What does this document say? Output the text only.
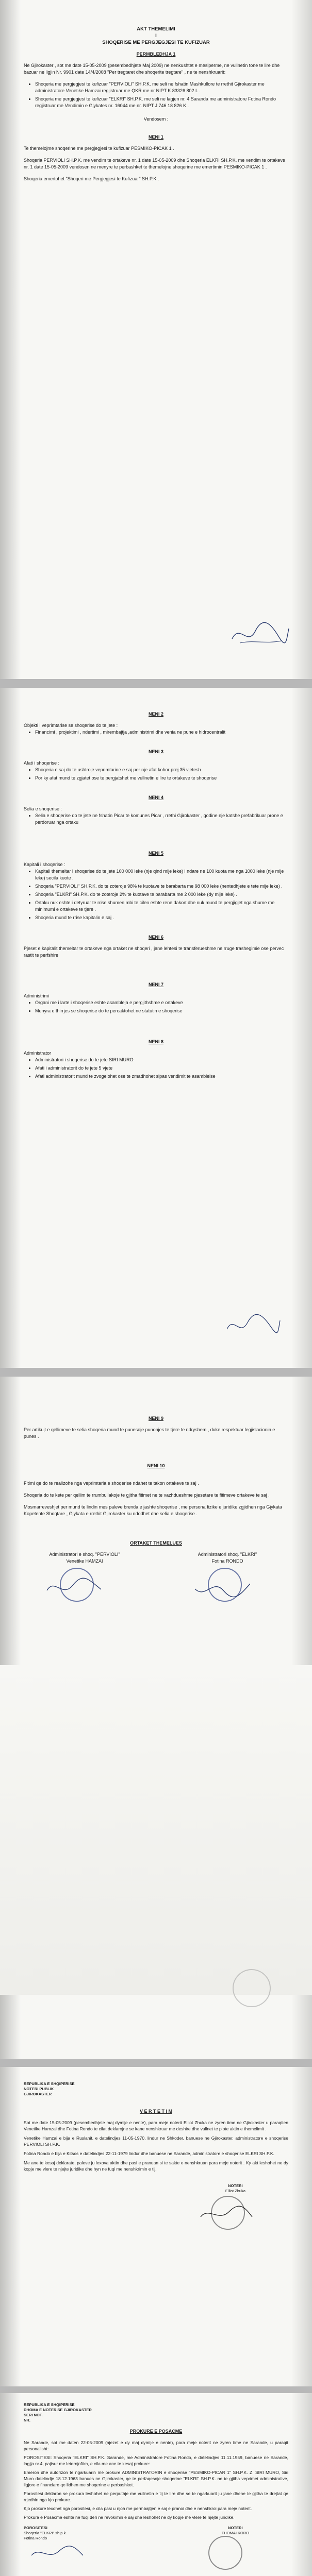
AKT THEMELIMI

I

SHOQERISE ME PERGJEGJESI TE KUFIZUAR

PERMBLEDHJA 1

Ne Gjirokaster , sot me date 15-05-2009 (pesembedhjete Maj 2009) ne nenkushtet e mesiperme, ne vullnetin tone te lire dhe bazuar ne ligjin Nr. 9901 date 14/4/2008 "Per tregtaret dhe shoqerite tregtare" , ne te nenshkruarit:

• Shoqeria me pergjegjesi te kufizuar "PERVIOLI" SH.P.K. me seli ne fshatin Mashkullore te rrethit Gjirokaster me administratore Venetike Hamzai regjistruar me QKR me nr NIPT K 83326 802 L .
• Shoqeria me pergjegjesi te kufizuar "ELKRI" SH.P.K. me seli ne lagjen nr. 4 Saranda me administratore Fotina Rondo regjistruar me Vendimin e Gjykates nr. 16044 me nr. NIPT J 746 18 826 K .

Vendosem :

NENI 1

Te themelojme shoqerine me pergjegjesi te kufizuar PESMIKO-PICAK 1 .

Shoqeria PERVIOLI SH.P.K. me vendim te ortakeve nr. 1 date 15-05-2009 dhe Shoqeria ELKRI SH.P.K. me vendim te ortakeve nr. 1 date 15-05-2009 vendosen ne menyre te perbashket te themelojne shoqerine me emertimin PESMIKO-PICAK 1 .

Shoqeria emertohet "Shoqeri me Pergjegjesi te Kufizuar" SH.P.K .

NENI 2

Objekti i veprimtarise se shoqerise do te jete :

• Financimi , projektimi , ndertimi , mirembajtja ,administrimi dhe venia ne pune e hidrocentralit

NENI 3

Afati i shoqerise :

• Shoqeria e saj do te ushtroje veprimtarine e saj per nje afat kohor prej 35 vjetesh .
• Por ky afat mund te zgjatet ose te pergjatshet me vullnetin e lire te ortakeve te shoqerise

NENI 4

Selia e shoqerise :

• Selia e shoqerise do te jete ne fshatin Picar te komunes Picar , rrethi Gjirokaster , godine nje katshe prefabrikuar prone e perdoruar nga ortaku

NENI 5

Kapitali i shoqerise :

• Kapitali themeltar i shoqerise do te jete 100 000 leke (nje qind mije leke) i ndare ne 100 kuota me nga 1000 leke (nje mije leke) secila kuote .
• Shoqeria "PERVIOLI" SH.P.K. do te zoteroje 98% te kuotave te barabarta me 98 000 leke (nentedhjete e tete mije leke) .
• Shoqeria "ELKRI" SH.P.K. do te zoteroje 2% te kuotave te barabarta me 2 000 leke (dy mije leke) .
• Ortaku nuk eshte i detyruar te rrise shumen mbi te cilen eshte rene dakort dhe nuk mund te pergjigjet nga shume me minimumi e ortakeve te tjere .
• Shoqeria mund te rrise kapitalin e saj .

NENI 6

Pjeset e kapitalit themeltar te ortakeve nga ortaket ne shoqeri , jane lehtesi te transferueshme ne rruge trashegimie ose pervec rastit te perfshire

NENI 7

Administrimi

• Organi me i larte i shoqerise eshte asambleja e pergjithshme e ortakeve
• Menyra e thirrjes se shoqerise do te percaktohet ne statutin e shoqerise

NENI 8

Administrator

• Administratori i shoqerise do te jete SIRI MURO
• Afati i administratorit do te jete 5 vjete
• Afati administratorit mund te zvogelohet ose te zmadhohet sipas vendimit te asambleise

NENI 9

Per artikujt e qellimeve te selia shoqeria mund te punesoje punonjes te tjere te ndryshem , duke respektuar legjislacionin e punes .

NENI 10

Fitimi qe do te realizohe nga veprimtaria e shoqerise ndahet te takon ortakeve te saj .

Shoqeria do te kete per qellim te rrumbullakoje te gjitha fitimet ne te vazhdueshme pjesetare te fitimeve ortakeve te saj .

Mosmarreveshjet per mund te lindin mes paleve brenda e jashte shoqerise , me persona fizike e juridike zgjidhen nga Gjykata Kopetente Shoqtare , Gjykata e rrethit Gjirokaster ku ndodhet dhe selia e shoqerise .

ORTAKET THEMELUES

Administratori e shoq. "PERVIOLI"

Venetike HAMZAI

Administratori shoq. "ELKRI"

Fotina RONDO

REPUBLIKA E SHQIPERISE

NOTERI PUBLIK

GJIROKASTER

V E R T E T I M

Sot me date 15-05-2009 (pesembedhjete maj dymije e nente), para meje noterit Elliot Zhuka ne zyren time ne Gjirokaster u paraqiten Venetike Hamzai dhe Fotina Rondo te cilat deklarojne se kane nenshkruar me deshire dhe vullnet te plote aktin e themelimit .

Venetike Hamzai e bija e Ruslanit, e datelindjes 11-05-1970, lindur ne Shkoder, banuese ne Gjirokaster, administratore e shoqerise PERVIOLI SH.P.K.

Fotina Rondo e bija e Kitsos e datelindjes 22-11-1979 lindur dhe banuese ne Sarande, administratore e shoqerise ELKRI SH.P.K.

Me ane te kesaj deklarate, paleve ju lexova aktin dhe pasi e pranuan si te sakte e nenshkruan para meje noterit . Ky akt leshohet ne dy kopje me vlere te njejte juridike dhe hyn ne fuqi me nenshkrimin e tij.

NOTERI

Elliot Zhuka

REPUBLIKA E SHQIPERISE

DHOMA E NOTERISE GJIROKASTER

SERI NOT.

NR.

PROKURE E POSACME

Ne Sarande, sot me daten 22-05-2009 (njezet e dy maj dymije e nente), para meje noterit ne zyren time ne Sarande, u paraqit personalisht:

POROSITESI: Shoqeria "ELKRI" SH.P.K. Sarande, me Administratore Fotina Rondo, e datelindjes 11.11.1959, banuese ne Sarande, lagjja nr.4, pajisur me leternjoftim, e cila me ane te kesaj prokure:

Emeron dhe autorizon te ngarkuarin me prokure ADMINISTRATORIN e shoqerise "PESMIKO-PICAR 1" SH.P.K. Z. SIRI MURO, Siri Muro datelindje 18.12.1963 banues ne Gjirokaster, qe te perfaqesoje shoqerine "ELKRI" SH.P.K. ne te gjitha veprimet administrative, ligjore e financiare qe lidhen me shoqerine e perbashket.

Porositesi deklaron se prokura leshohet ne perputhje me vullnetin e tij te lire dhe se te ngarkuarit ju jane dhene te gjitha te drejtat qe rrjedhin nga kjo prokure.

Kjo prokure lexohet nga porositesi, e cila pasi u njoh me permbajtjen e saj e pranoi dhe e nenshkroi para meje noterit.

Prokura e Posacme eshte ne fuqi deri ne revokimin e saj dhe leshohet ne dy kopje me vlere te njejte juridike.

POROSITESI

Shoqeria "ELKRI" sh.p.k.

Fotina Rondo

NOTERI

THOMAI KORO
